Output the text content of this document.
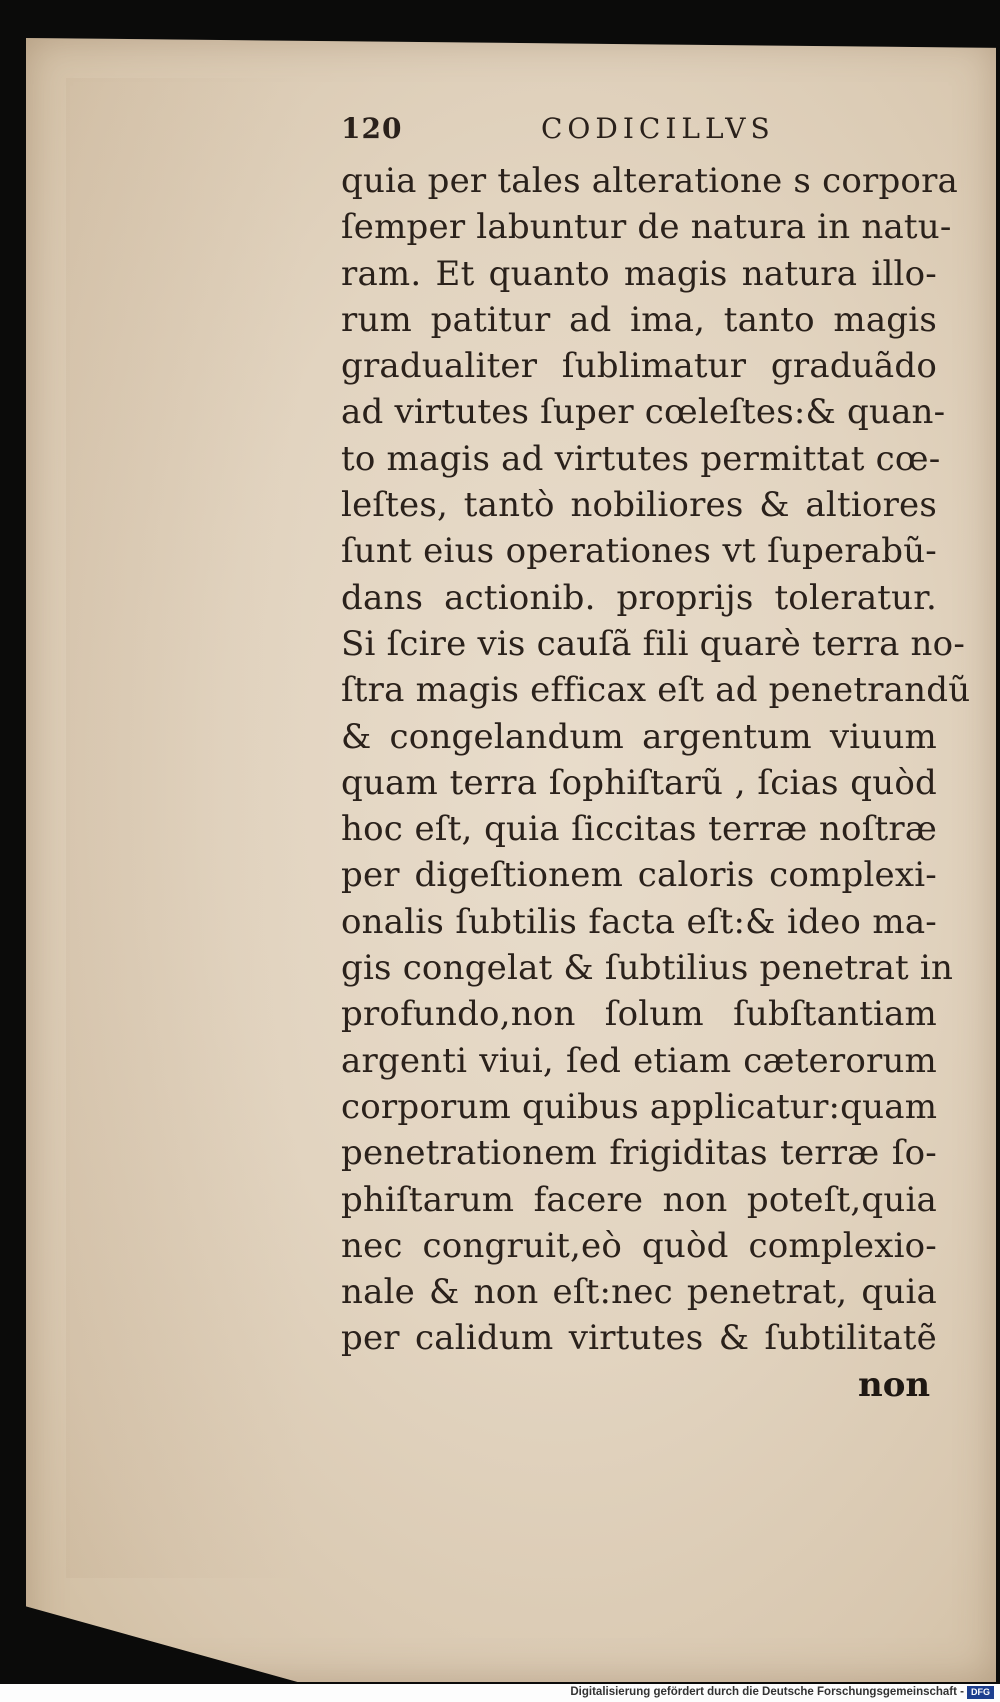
120	CODICILLVS
quia per tales alteratione s corpora
ſemper labuntur de natura in natu-
ram. Et quanto magis natura illo-
rum patitur ad ima, tanto magis
gradualiter ſublimatur graduãdo
ad virtutes ſuper cœleſtes:& quan-
to magis ad virtutes permittat cœ-
leſtes, tantò nobiliores & altiores
ſunt eius operationes vt ſuperabũ-
dans actionib. proprijs toleratur.
Si ſcire vis cauſã fili quarè terra no-
ſtra magis efficax eſt ad penetrandũ
& congelandum argentum viuum
quam terra ſophiſtarũ , ſcias quòd
hoc eſt, quia ſiccitas terræ noſtræ
per digeſtionem caloris complexi-
onalis ſubtilis facta eſt:& ideo ma-
gis congelat & ſubtilius penetrat in
profundo,non ſolum ſubſtantiam
argenti viui, ſed etiam cæterorum
corporum quibus applicatur:quam
penetrationem frigiditas terræ ſo-
phiſtarum facere non poteſt,quia
nec congruit,eò quòd complexio-
nale & non eſt:nec penetrat, quia
per calidum virtutes & ſubtilitatẽ
non
Digitalisierung gefördert durch die Deutsche Forschungsgemeinschaft - DFG
